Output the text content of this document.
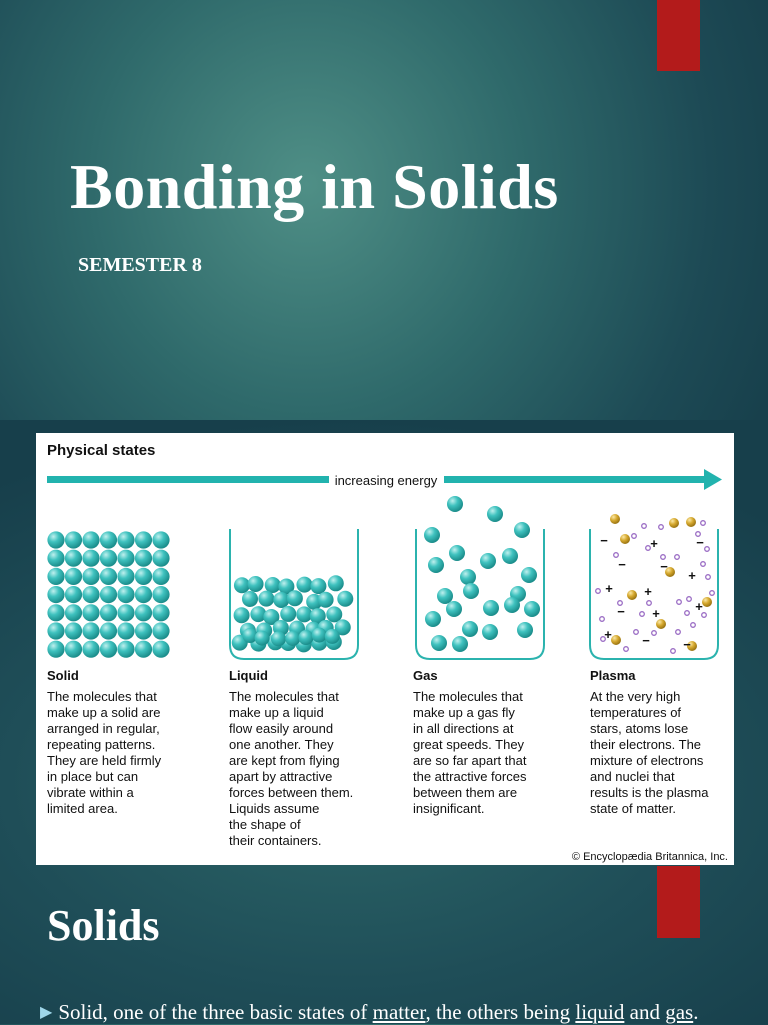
Bonding in Solids
SEMESTER 8
Physical states
increasing energy
−	+	−
−	−
+
+ +
+
− +
+ −	−
Solid
The molecules that
make up a solid are
arranged in regular,
repeating patterns.
They are held firmly
in place but can
vibrate within a
limited area.
Liquid
The molecules that
make up a liquid
flow easily around
one another. They
are kept from flying
apart by attractive
forces between them.
Liquids assume
the shape of
their containers.
Gas
The molecules that
make up a gas fly
in all directions at
great speeds. They
are so far apart that
the attractive forces
between them are
insignificant.
Plasma
At the very high
temperatures of
stars, atoms lose
their electrons. The
mixture of electrons
and nuclei that
results is the plasma
state of matter.
© Encyclopædia Britannica, Inc.
Solids
▶ Solid, one of the three basic states of matter, the others being liquid and gas.
